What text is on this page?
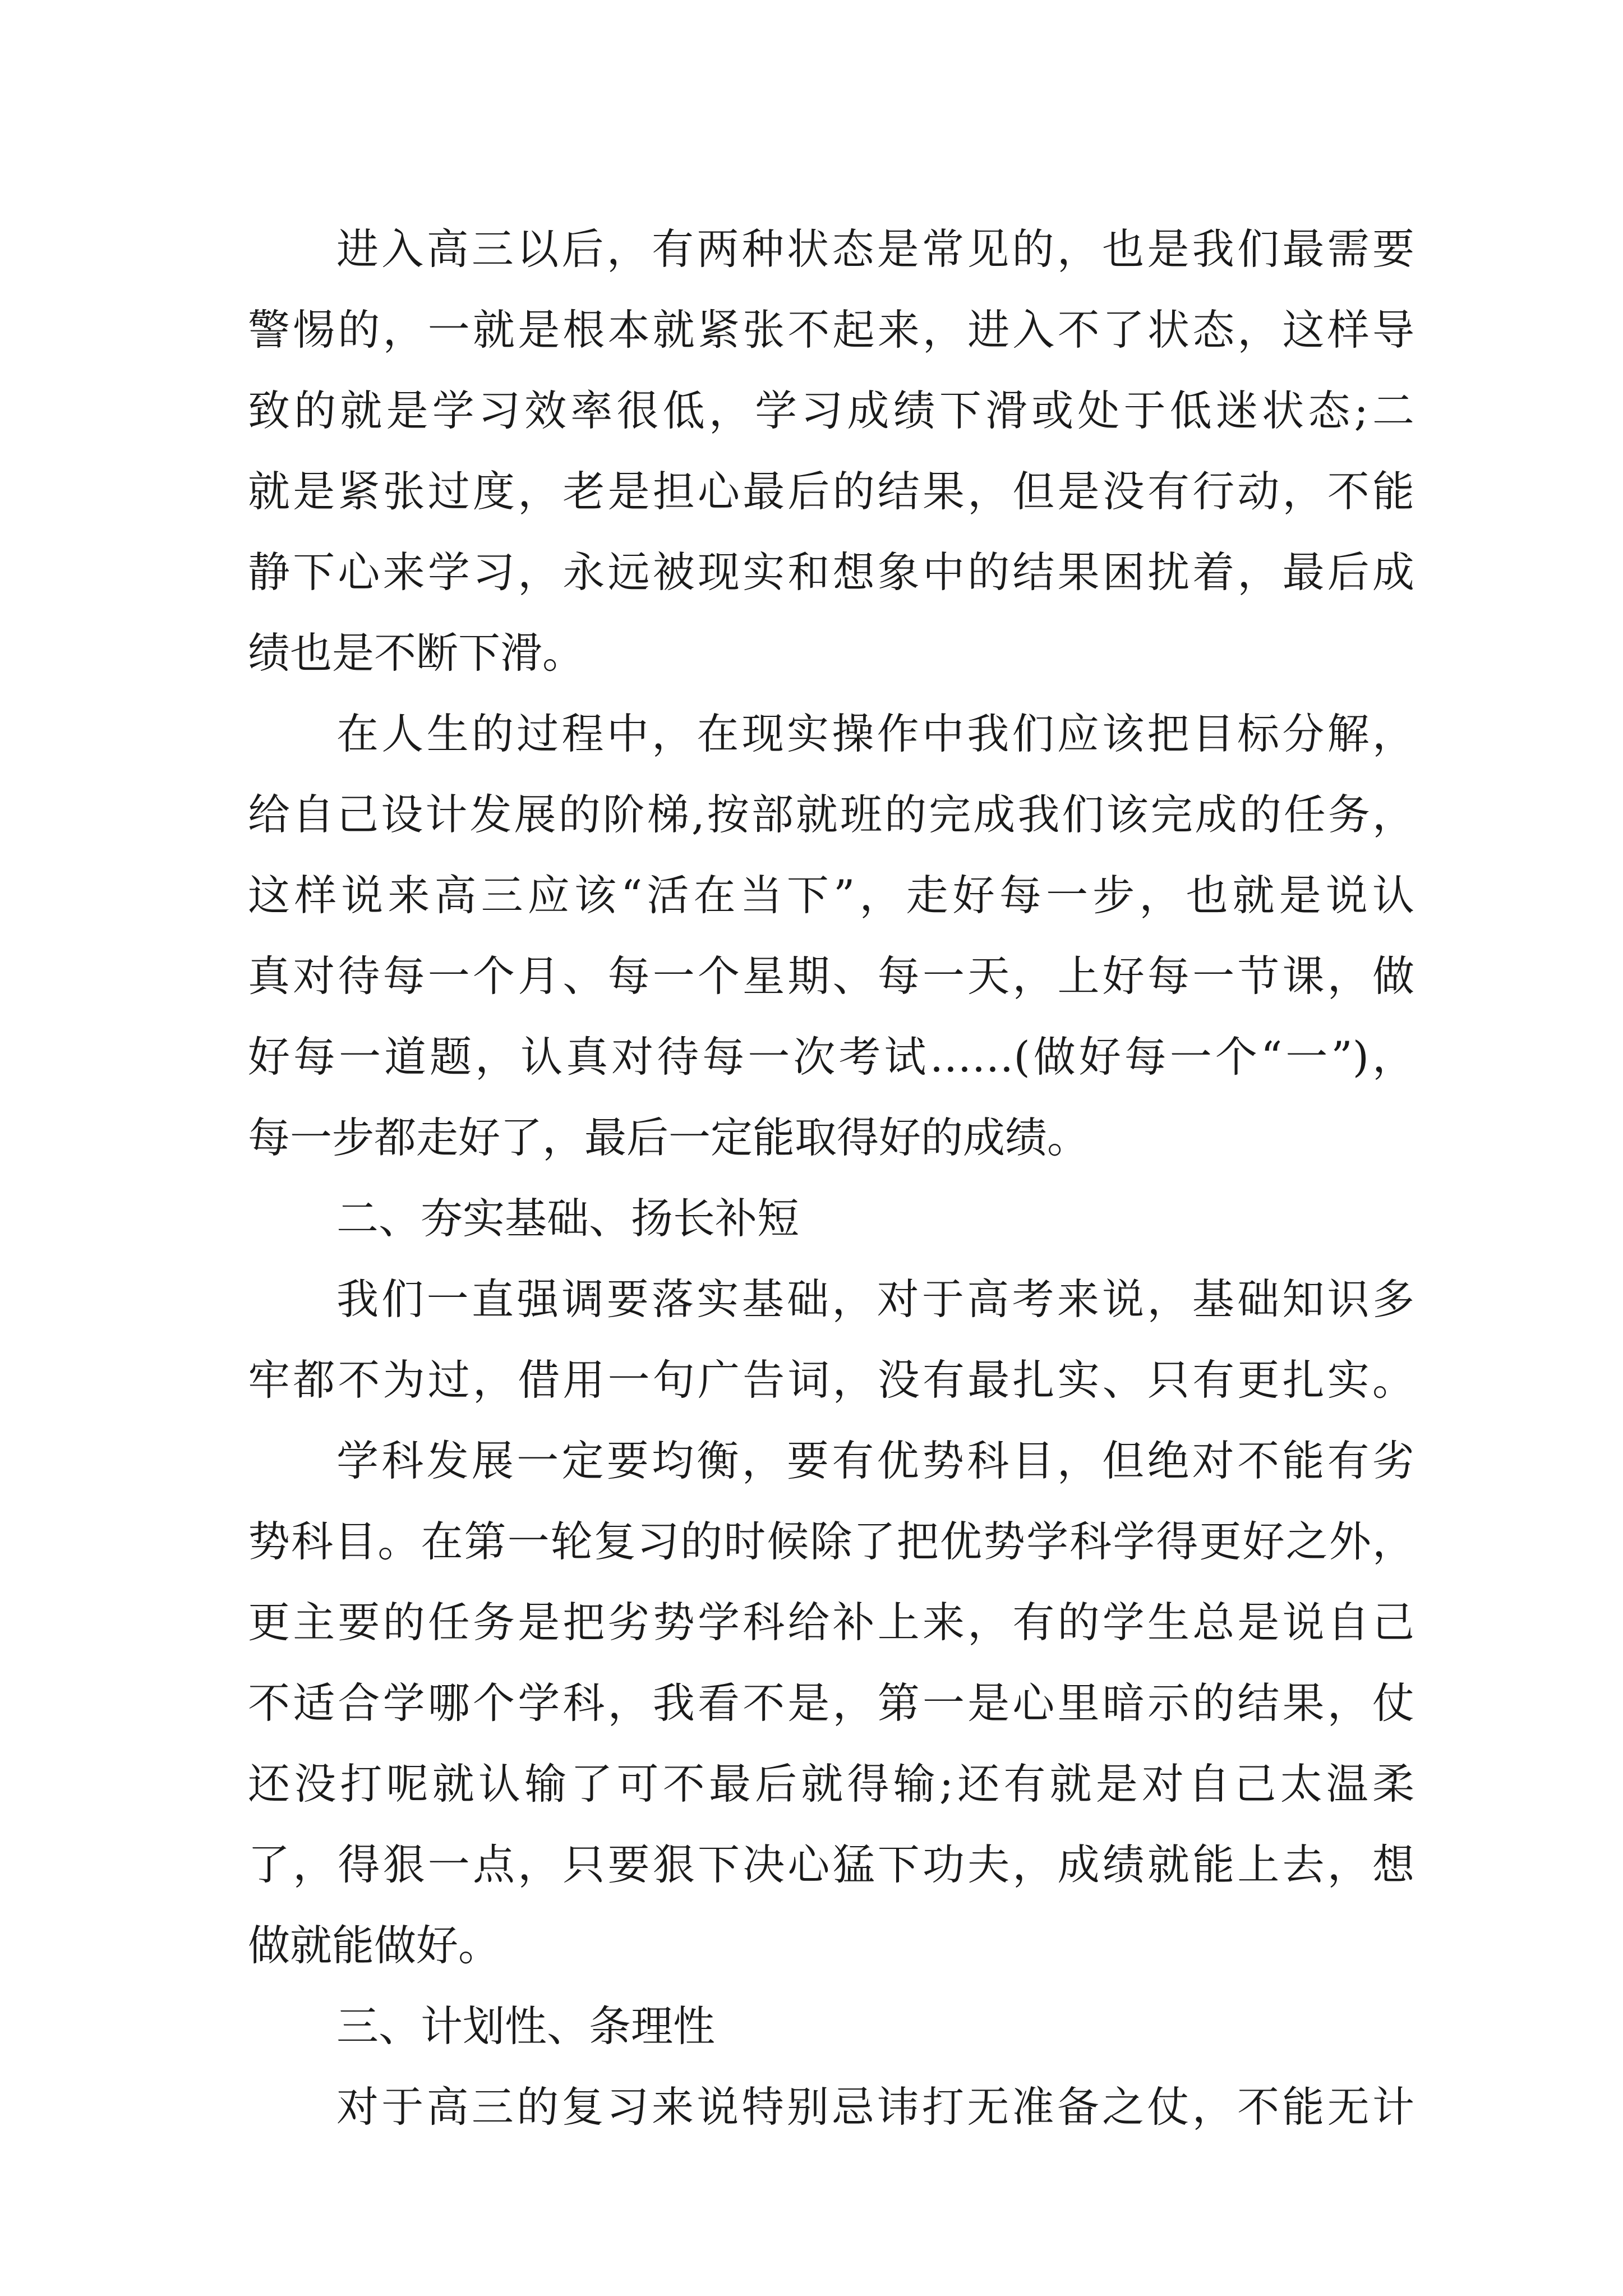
进入高三以后，有两种状态是常见的，也是我们最需要
警惕的，一就是根本就紧张不起来，进入不了状态，这样导
致的就是学习效率很低，学习成绩下滑或处于低迷状态;二
就是紧张过度，老是担心最后的结果，但是没有行动，不能
静下心来学习，永远被现实和想象中的结果困扰着，最后成
绩也是不断下滑。
在人生的过程中，在现实操作中我们应该把目标分解，
给自己设计发展的阶梯,按部就班的完成我们该完成的任务，
这样说来高三应该“活在当下”，走好每一步，也就是说认
真对待每一个月、每一个星期、每一天，上好每一节课，做
好每一道题，认真对待每一次考试……(做好每一个“一”)，
每一步都走好了，最后一定能取得好的成绩。
二、夯实基础、扬长补短
我们一直强调要落实基础，对于高考来说，基础知识多
牢都不为过，借用一句广告词，没有最扎实、只有更扎实。
学科发展一定要均衡，要有优势科目，但绝对不能有劣
势科目。在第一轮复习的时候除了把优势学科学得更好之外，
更主要的任务是把劣势学科给补上来，有的学生总是说自己
不适合学哪个学科，我看不是，第一是心里暗示的结果，仗
还没打呢就认输了可不最后就得输;还有就是对自己太温柔
了，得狠一点，只要狠下决心猛下功夫，成绩就能上去，想
做就能做好。
三、计划性、条理性
对于高三的复习来说特别忌讳打无准备之仗，不能无计
